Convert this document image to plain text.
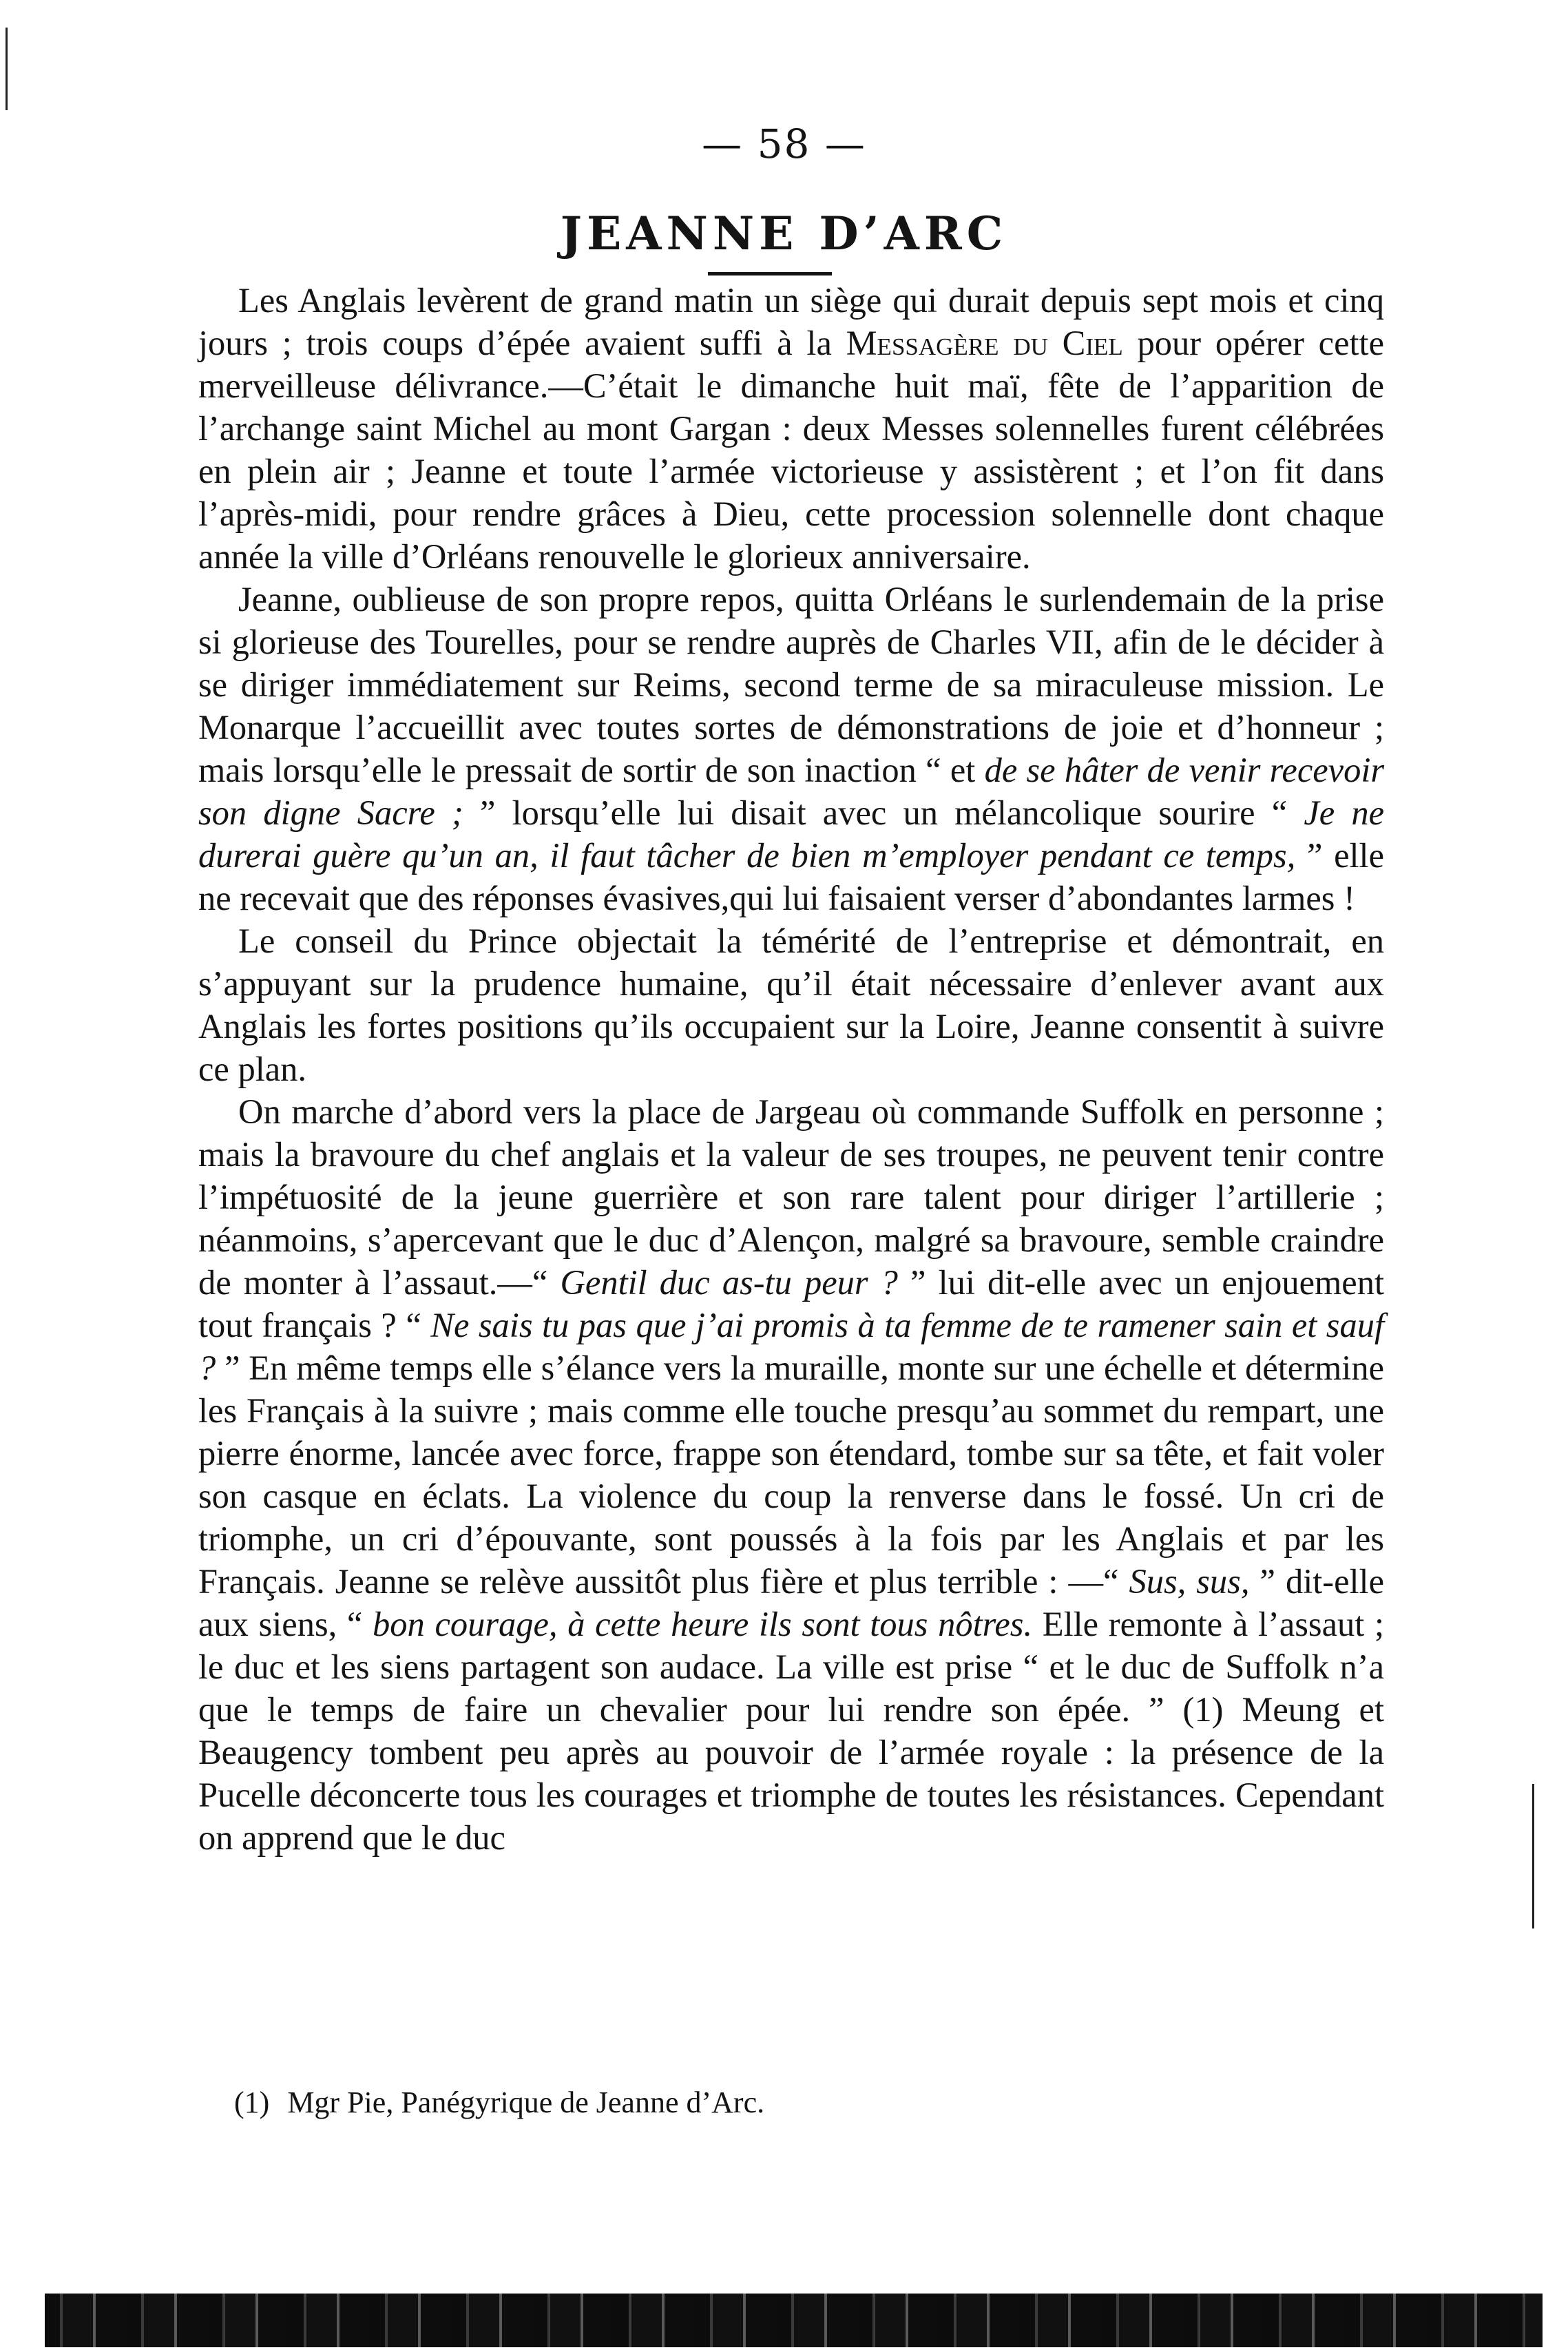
— 58 —
JEANNE D’ARC

Les Anglais levèrent de grand matin un siège qui durait depuis sept mois et cinq jours ; trois coups d’épée avaient suffi à la Messagère du Ciel pour opérer cette merveilleuse délivrance.—C’était le dimanche huit maï, fête de l’apparition de l’archange saint Michel au mont Gargan : deux Messes solennelles furent célébrées en plein air ; Jeanne et toute l’armée victorieuse y assistèrent ; et l’on fit dans l’après-midi, pour rendre grâces à Dieu, cette procession solennelle dont chaque année la ville d’Orléans renouvelle le glorieux anniversaire.

Jeanne, oublieuse de son propre repos, quitta Orléans le surlendemain de la prise si glorieuse des Tourelles, pour se rendre auprès de Charles VII, afin de le décider à se diriger immédiatement sur Reims, second terme de sa miraculeuse mission. Le Monarque l’accueillit avec toutes sortes de démonstrations de joie et d’honneur ; mais lorsqu’elle le pressait de sortir de son inaction “ et de se hâter de venir recevoir son digne Sacre ; ” lorsqu’elle lui disait avec un mélancolique sourire “ Je ne durerai guère qu’un an, il faut tâcher de bien m’employer pendant ce temps, ” elle ne recevait que des réponses évasives,qui lui faisaient verser d’abondantes larmes !

Le conseil du Prince objectait la témérité de l’entreprise et démontrait, en s’appuyant sur la prudence humaine, qu’il était nécessaire d’enlever avant aux Anglais les fortes positions qu’ils occupaient sur la Loire, Jeanne consentit à suivre ce plan.

On marche d’abord vers la place de Jargeau où commande Suffolk en personne ; mais la bravoure du chef anglais et la valeur de ses troupes, ne peuvent tenir contre l’impétuosité de la jeune guerrière et son rare talent pour diriger l’artillerie ; néanmoins, s’apercevant que le duc d’Alençon, malgré sa bravoure, semble craindre de monter à l’assaut.—“ Gentil duc as-tu peur ? ” lui dit-elle avec un enjouement tout français ? “ Ne sais tu pas que j’ai promis à ta femme de te ramener sain et sauf ? ” En même temps elle s’élance vers la muraille, monte sur une échelle et détermine les Français à la suivre ; mais comme elle touche presqu’au sommet du rempart, une pierre énorme, lancée avec force, frappe son étendard, tombe sur sa tête, et fait voler son casque en éclats. La violence du coup la renverse dans le fossé. Un cri de triomphe, un cri d’épouvante, sont poussés à la fois par les Anglais et par les Français. Jeanne se relève aussitôt plus fière et plus terrible : —“ Sus, sus, ” dit-elle aux siens, “ bon courage, à cette heure ils sont tous nôtres. Elle remonte à l’assaut ; le duc et les siens partagent son audace. La ville est prise “ et le duc de Suffolk n’a que le temps de faire un chevalier pour lui rendre son épée. ” (1) Meung et Beaugency tombent peu après au pouvoir de l’armée royale : la présence de la Pucelle déconcerte tous les courages et triomphe de toutes les résistances. Cependant on apprend que le duc

(1) Mgr Pie, Panégyrique de Jeanne d’Arc.
